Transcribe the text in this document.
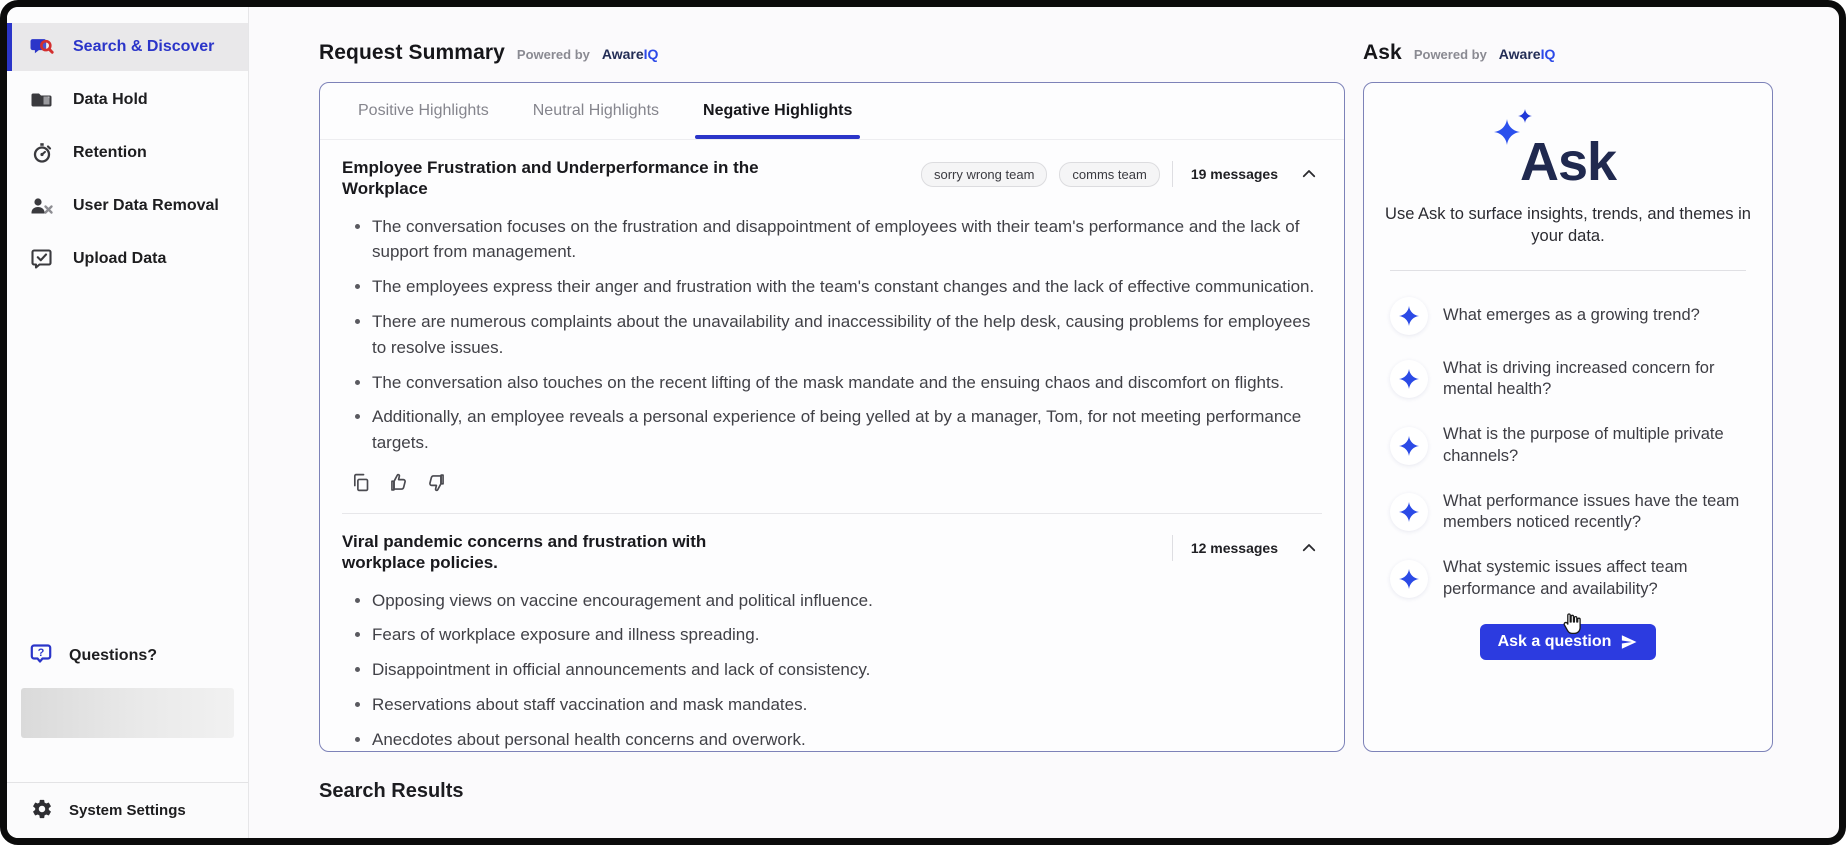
Search & Discover
Data Hold
Retention
User Data Removal
Upload Data
? Questions?
System Settings
Request Summary Powered by AwareIQ
Positive Highlights	Neutral Highlights	Negative Highlights
Employee Frustration and Underperformance in the Workplace
sorry wrong team	comms team	19 messages
• The conversation focuses on the frustration and disappointment of employees with their team's performance and the lack of support from management.
• The employees express their anger and frustration with the team's constant changes and the lack of effective communication.
• There are numerous complaints about the unavailability and inaccessibility of the help desk, causing problems for employees to resolve issues.
• The conversation also touches on the recent lifting of the mask mandate and the ensuing chaos and discomfort on flights.
• Additionally, an employee reveals a personal experience of being yelled at by a manager, Tom, for not meeting performance targets.
Viral pandemic concerns and frustration with workplace policies.
12 messages
• Opposing views on vaccine encouragement and political influence.
• Fears of workplace exposure and illness spreading.
• Disappointment in official announcements and lack of consistency.
• Reservations about staff vaccination and mask mandates.
• Anecdotes about personal health concerns and overwork.
Search Results
Ask Powered by AwareIQ
Ask

Use Ask to surface insights, trends, and themes in your data.

What emerges as a growing trend?
What is driving increased concern for mental health?
What is the purpose of multiple private channels?
What performance issues have the team members noticed recently?
What systemic issues affect team performance and availability?
Ask a question
